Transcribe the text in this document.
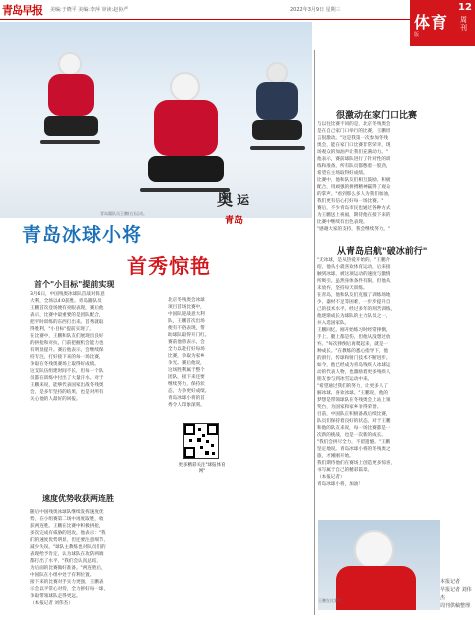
青岛早报 美编:于晓平 美编:李萍 审读:赵协严	2022年3月9日 星期三
体育
12
周刊
版
青岛籍队员王鹏(右)运动。
奥 运
青岛
青岛冰球小将
首秀惊艳
首个"小目标"提前实现
3月6日，中国残奥冰球队首战对阵意
大利，全场以4:0获胜。青岛籍队员
王鹏首次登场便有亮眼表现，赛后他
表示，比赛中最重要的是团队配合，
把平时训练的东西打出来。首秀就取
得胜利，"小目标"提前实现了。
在比赛中，王鹏和队友们展现出良好
的拼抢和对抗，门前把握机会能力也
有明显提升。赛后他表示，会继续保
持专注，打好接下来的每一场比赛，
争取在冬残奥赛场上取得好成绩。
这支队伍组建时间不长，但每一个队
员都在训练中付出了大量汗水。对于
王鹏来说，能够代表国家出战冬残奥
会，是多年坚持的结果，也是对所有
关心他的人最好的回报。
北京冬残奥会冰球
项目首场比赛中，
中国队迎战意大利
队，王鹏首次出场
便有不俗表现，帮
助球队取得开门红。
赛前他曾表示，会
全力以赴打好每场
比赛，争取为家乡
争光。赛后他说，
这场胜利属于整个
团队，接下来还要
继续努力，保持状
态，力争更好成绩。
青岛冰球小将的首
秀令人印象深刻。
更多精彩关注"球报体育网"
速度优势收获两连胜
随后中国残奥冰球队继续发挥速度优
势，在小组赛第二场中再度取胜，收
获两连胜。王鹏在比赛中积极拼抢，
多次完成有威胁的进攻。他表示："我
们的速度优势明显，但还要注意细节，
减少失误。"球队主教练也对队员们的
表现给予肯定，认为球队在攻防两端
都打出了水平，"我们会认真总结，
为后面的比赛做好准备。"两连胜后，
中国队在小组中处于有利位置。
接下来的比赛对手实力更强，王鹏表
示会以平常心对待，全力拼好每一球，
争取带领球队走得更远。
（本报记者 刘伟杰）
很激动在家门口比赛
与以往比赛不同的是，北京冬残奥会
是在自己家门口举行的比赛，王鹏坦
言很激动。"这是我第一次参加冬残
奥会，能在家门口比赛非常荣幸，现
场观众的加油声让我们充满动力。"
他表示，赛前球队进行了针对性的训
练和准备，所有队员都憋着一股劲，
希望在主场取得好成绩。
比赛中，他和队友们相互鼓励，积极
配合，用顽强的拼搏精神赢得了观众
的掌声。"看到那么多人为我们加油，
我们更有信心打好每一场比赛。"
赛后，不少青岛市民也通过各种方式
为王鹏送上祝福，期待他在接下来的
比赛中继续有出色表现。
"感谢大家的支持，我会继续努力。"
从青岛启航"破冰前行"
"无冰球，是从热爱开始的。"王鹏介
绍，他从小就喜欢体育运动，后来接
触到冰球，被这项运动的速度与激情
所吸引。虽然身体条件有限，但他从
未放弃，坚持每天训练。
在青岛，他和队友们克服了训练场地
少、器材不足等困难，一步步提升自
己的技术水平。经过多年的刻苦训练，
他逐渐成长为球队的主力队员之一，
并入选国家队。
王鹏回忆，刚开始练习时经常摔倒，
手上、腿上都是伤，但他从没想过放
弃。"每次摔倒后再爬起来，就是一
种成长。"在教练的悉心指导下，他
的滑行、传球和射门技术不断进步。
如今，他已经成为青岛残疾人冰球运
动的代表人物，也激励着更多残疾人
朋友参与到冰雪运动中来。
"希望通过我们的努力，让更多人了
解冰球、喜欢冰球。"王鹏说，他的
梦想是带领球队在冬残奥会上站上领
奖台，为国家和家乡争得荣誉。
目前，中国队正积极备战后续比赛，
队员们保持着良好的状态。对于王鹏
和他的队友来说，每一场比赛都是一
次新的挑战，也是一次新的成长。
"我们会拼尽全力，不留遗憾。"王鹏
坚定地说。青岛冰球小将的冬残奥之
旅，才刚刚开始。
我们期待他们在赛场上创造更多惊喜，
书写属于自己的精彩篇章。
（本报记者）
青岛冰球小将，加油！
王鹏在比赛中。
本报记者
早报记者 刘伟杰
周刊供稿整理
